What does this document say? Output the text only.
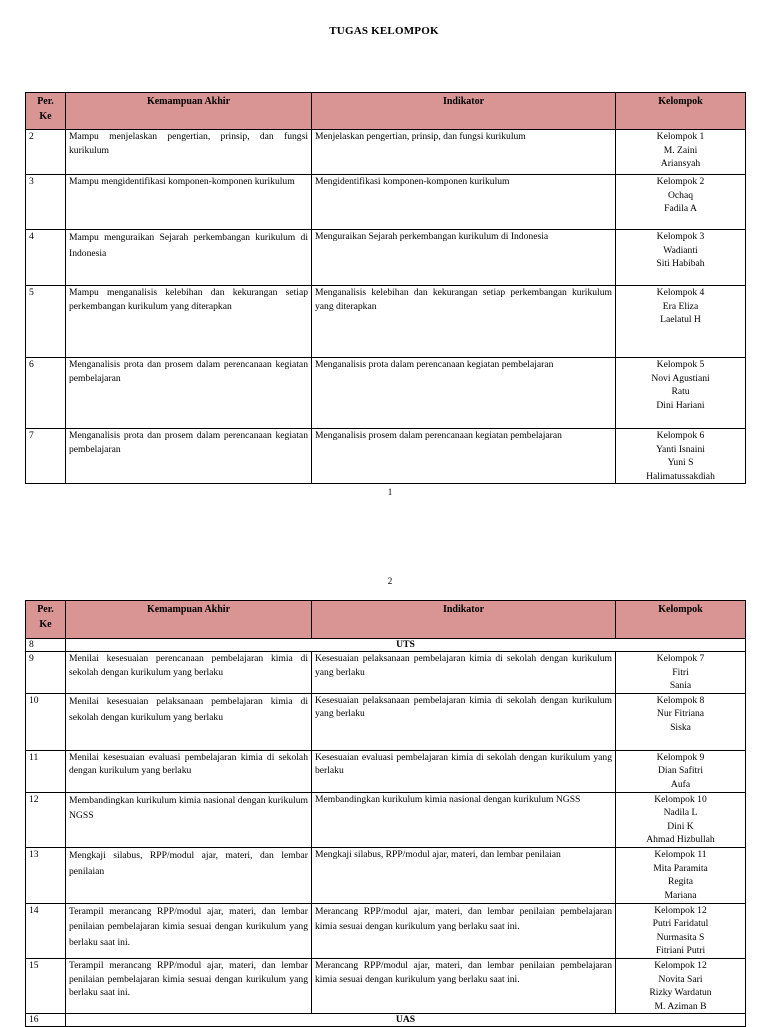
TUGAS KELOMPOK
Per.
Ke	Kemampuan Akhir	Indikator	Kelompok
2	Mampu menjelaskan pengertian, prinsip, dan fungsi kurikulum	Menjelaskan pengertian, prinsip, dan fungsi kurikulum	Kelompok 1
M. Zaini
Ariansyah

3	Mampu mengidentifikasi komponen-komponen kurikulum	Mengidentifikasi komponen-komponen kurikulum	Kelompok 2
Ochaq
Fadila A

4	Mampu menguraikan Sejarah perkembangan kurikulum di Indonesia	Menguraikan Sejarah perkembangan kurikulum di Indonesia	Kelompok 3
Wadianti
Siti Habibah

5	Mampu menganalisis kelebihan dan kekurangan setiap perkembangan kurikulum yang diterapkan	Menganalisis kelebihan dan kekurangan setiap perkembangan kurikulum yang diterapkan	Kelompok 4
Era Eliza
Laelatul H

6	Menganalisis prota dan prosem dalam perencanaan kegiatan pembelajaran	Menganalisis prota dalam perencanaan kegiatan pembelajaran	Kelompok 5
Novi Agustiani
Ratu
Dini Hariani

7	Menganalisis prota dan prosem dalam perencanaan kegiatan pembelajaran	Menganalisis prosem dalam perencanaan kegiatan pembelajaran	Kelompok 6
Yanti Isnaini
Yuni S
Halimatussakdiah
1
2
Per.
Ke	Kemampuan Akhir	Indikator	Kelompok
8	UTS		
9	Menilai kesesuaian perencanaan pembelajaran kimia di sekolah dengan kurikulum yang berlaku	Kesesuaian pelaksanaan pembelajaran kimia di sekolah dengan kurikulum yang berlaku	Kelompok 7
Fitri
Sania

10	Menilai kesesuaian pelaksanaan pembelajaran kimia di sekolah dengan kurikulum yang berlaku	Kesesuaian pelaksanaan pembelajaran kimia di sekolah dengan kurikulum yang berlaku	Kelompok 8
Nur Fitriana
Siska

11	Menilai kesesuaian evaluasi pembelajaran kimia di sekolah dengan kurikulum yang berlaku	Kesesuaian evaluasi pembelajaran kimia di sekolah dengan kurikulum yang berlaku	Kelompok 9
Dian Safitri
Aufa

12	Membandingkan kurikulum kimia nasional dengan kurikulum NGSS	Membandingkan kurikulum kimia nasional dengan kurikulum NGSS	Kelompok 10
Nadila L
Dini K
Ahmad Hizbullah

13	Mengkaji silabus, RPP/modul ajar, materi, dan lembar penilaian	Mengkaji silabus, RPP/modul ajar, materi, dan lembar penilaian	Kelompok 11
Mita Paramita
Regita
Mariana

14	Terampil merancang RPP/modul ajar, materi, dan lembar penilaian pembelajaran kimia sesuai dengan kurikulum yang berlaku saat ini.	Merancang RPP/modul ajar, materi, dan lembar penilaian pembelajaran kimia sesuai dengan kurikulum yang berlaku saat ini.	Kelompok 12
Putri Faridatul
Nurmasita S
Fitriani Putri

15	Terampil merancang RPP/modul ajar, materi, dan lembar penilaian pembelajaran kimia sesuai dengan kurikulum yang berlaku saat ini.	Merancang RPP/modul ajar, materi, dan lembar penilaian pembelajaran kimia sesuai dengan kurikulum yang berlaku saat ini.	Kelompok 12
Novita Sari
Rizky Wardatun
M. Aziman B

16	UAS		
